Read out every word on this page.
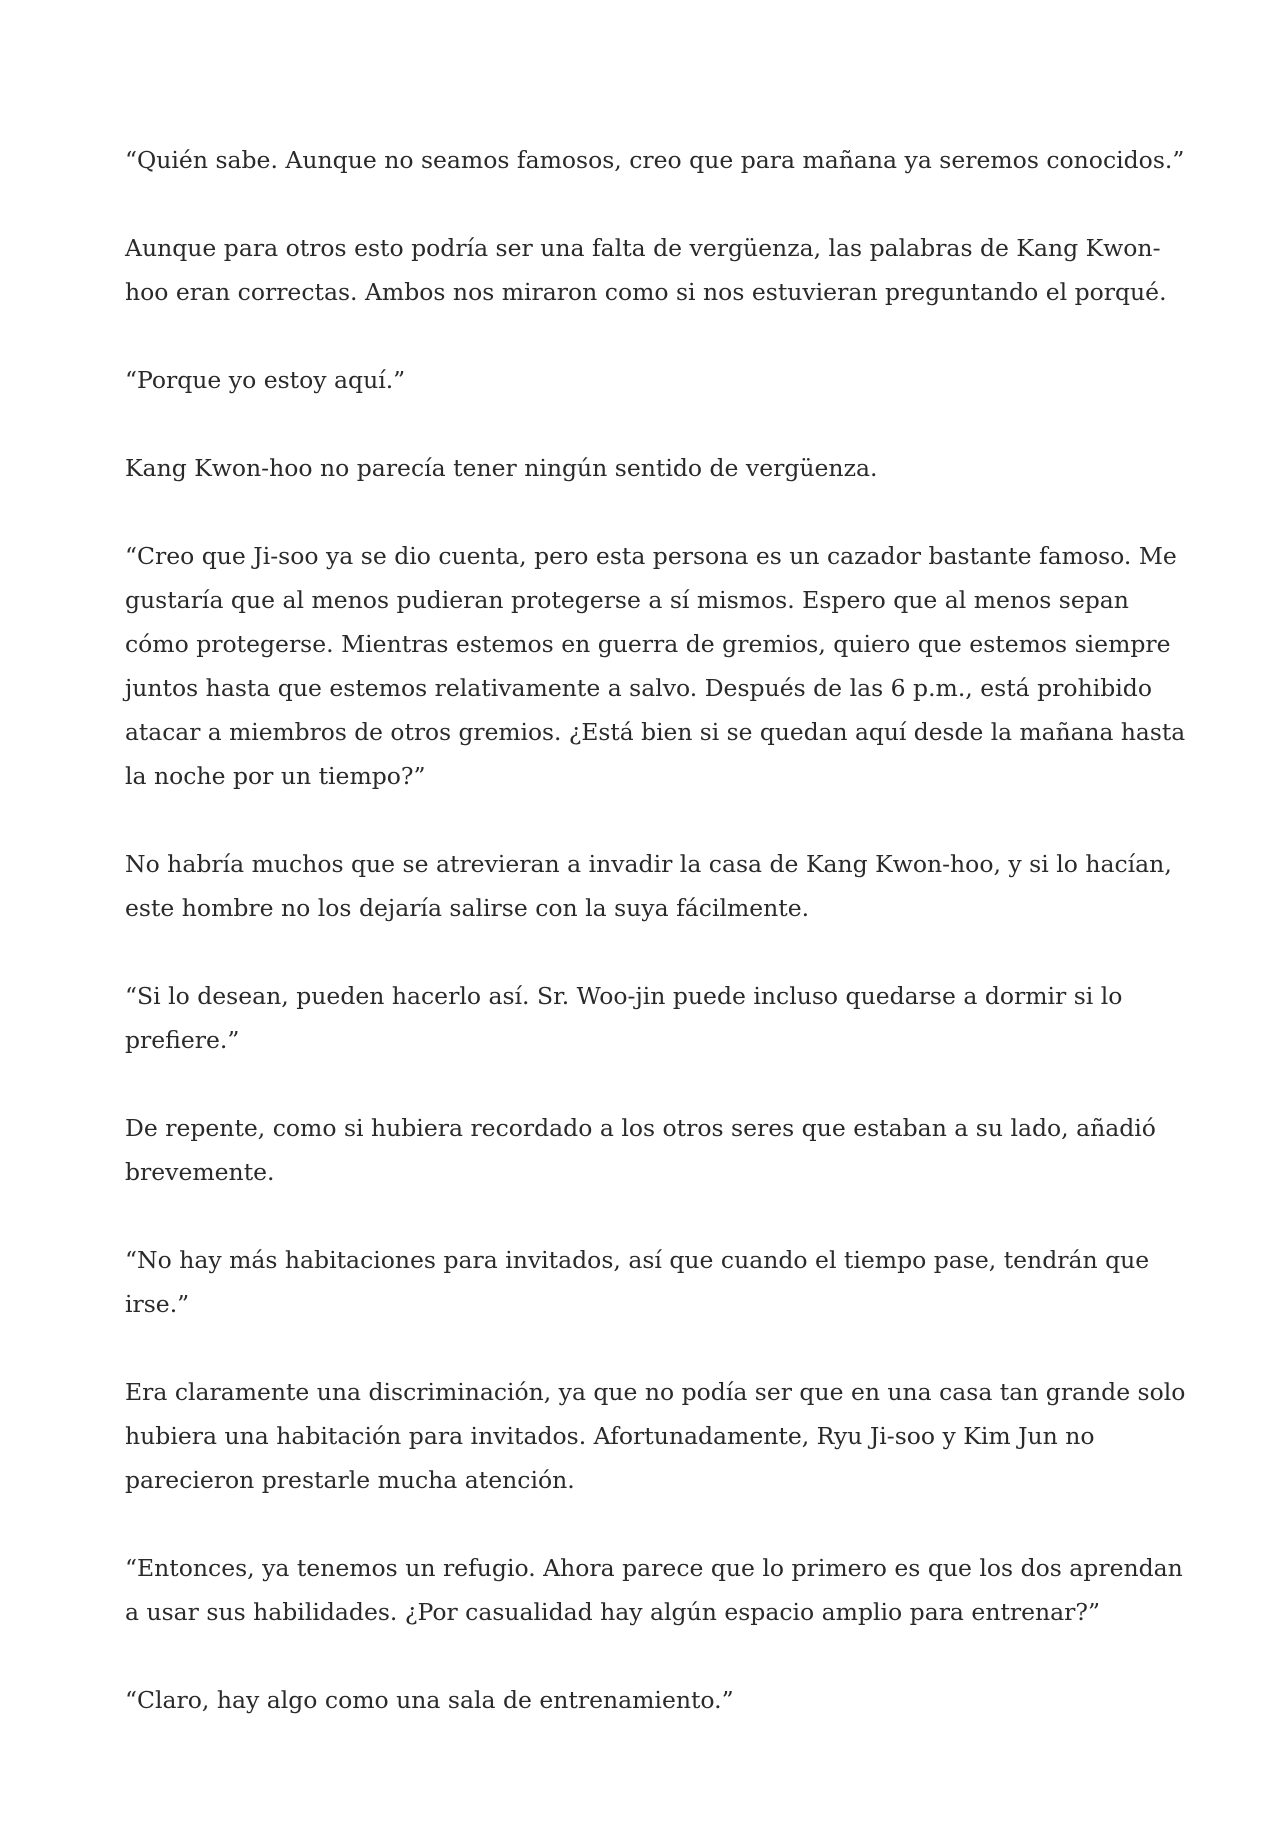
“Quién sabe. Aunque no seamos famosos, creo que para mañana ya seremos conocidos.”
Aunque para otros esto podría ser una falta de vergüenza, las palabras de Kang Kwon-
hoo eran correctas. Ambos nos miraron como si nos estuvieran preguntando el porqué.
“Porque yo estoy aquí.”
Kang Kwon-hoo no parecía tener ningún sentido de vergüenza.
“Creo que Ji-soo ya se dio cuenta, pero esta persona es un cazador bastante famoso. Me
gustaría que al menos pudieran protegerse a sí mismos. Espero que al menos sepan
cómo protegerse. Mientras estemos en guerra de gremios, quiero que estemos siempre
juntos hasta que estemos relativamente a salvo. Después de las 6 p.m., está prohibido
atacar a miembros de otros gremios. ¿Está bien si se quedan aquí desde la mañana hasta
la noche por un tiempo?”
No habría muchos que se atrevieran a invadir la casa de Kang Kwon-hoo, y si lo hacían,
este hombre no los dejaría salirse con la suya fácilmente.
“Si lo desean, pueden hacerlo así. Sr. Woo-jin puede incluso quedarse a dormir si lo
prefiere.”
De repente, como si hubiera recordado a los otros seres que estaban a su lado, añadió
brevemente.
“No hay más habitaciones para invitados, así que cuando el tiempo pase, tendrán que
irse.”
Era claramente una discriminación, ya que no podía ser que en una casa tan grande solo
hubiera una habitación para invitados. Afortunadamente, Ryu Ji-soo y Kim Jun no
parecieron prestarle mucha atención.
“Entonces, ya tenemos un refugio. Ahora parece que lo primero es que los dos aprendan
a usar sus habilidades. ¿Por casualidad hay algún espacio amplio para entrenar?”
“Claro, hay algo como una sala de entrenamiento.”
